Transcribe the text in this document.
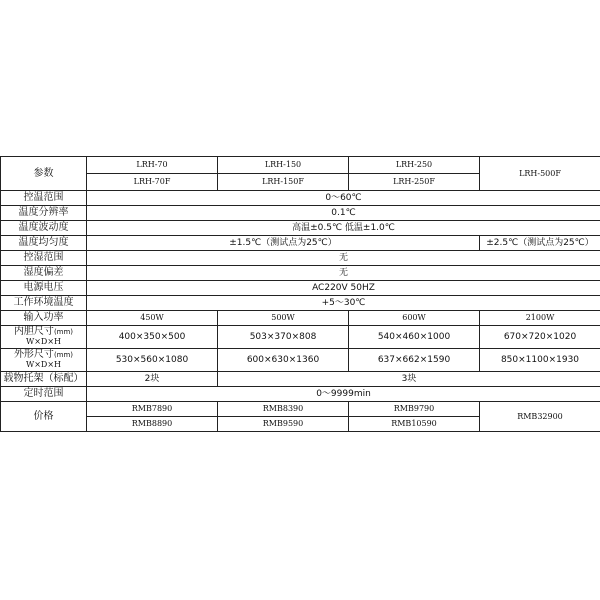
参数	LRH-70	LRH-150	LRH-250	LRH-500F
	LRH-70F	LRH-150F	LRH-250F	
控温范围	0～60℃			
温度分辨率	0.1℃			
温度波动度	高温±0.5℃ 低温±1.0℃			
温度均匀度	±1.5℃（测试点为25℃）			±2.5℃（测试点为25℃）
控湿范围	无			
湿度偏差	无			
电源电压	AC220V 50HZ			
工作环境温度	+5～30℃			
输入功率	450W	500W	600W	2100W

内胆尺寸(mm)
W×D×H	400×350×500	503×370×808	540×460×1000	670×720×1020

外形尺寸(mm)
W×D×H	530×560×1080	600×630×1360	637×662×1590	850×1100×1930
载物托架（标配）	2块	3块		
定时范围	0～9999min			
价格	RMB7890	RMB8390	RMB9790	RMB32900
	RMB8890	RMB9590	RMB10590	
